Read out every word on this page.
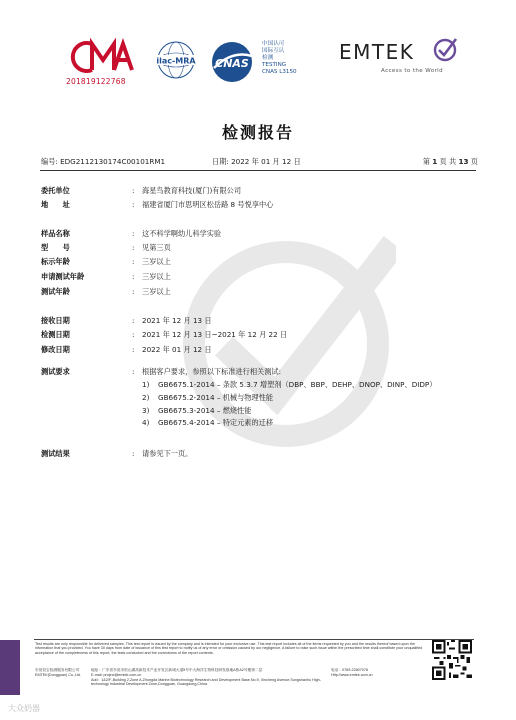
201819122768
ilac-MRA CNAS
中国认可
国际互认
检测
TESTING
CNAS L3150
EMTEK
Access to the World
检测报告
编号: EDG2112130174C00101RM1	日期: 2022 年 01 月 12 日	第 1 页 共 13 页
委托单位	: 海星鸟教育科技(厦门)有限公司
地　　址	: 福建省厦门市思明区松岳路 8 号悦享中心
样品名称	: 这不科学啊幼儿科学实验
型　　号	: 见第三页
标示年龄	: 三岁以上
申请测试年龄	: 三岁以上
测试年龄	: 三岁以上
接收日期	: 2021 年 12 月 13 日
检测日期	: 2021 年 12 月 13 日~2021 年 12 月 22 日
修改日期	: 2022 年 01 月 12 日
测试要求	: 根据客户要求，参照以下标准进行相关测试:
1) GB6675.1-2014 – 条款 5.3.7 增塑剂（DBP、BBP、DEHP、DNOP、DINP、DIDP）
2) GB6675.2-2014 – 机械与物理性能
3) GB6675.3-2014 – 燃烧性能
4) GB6675.4-2014 – 特定元素的迁移
测试结果	: 请参见下一页。
Test results are only responsible for delivered samples. This test report is issued by the company and is intended for your exclusive use. This test report includes all of the items requested by you and the results thereof based upon the information that you provided. You have 30 days from date of issuance of this test report to notify us of any error or omission caused by our negligence. A failure to raise such issue within the prescribed time shall constitute your unqualified acceptance of the completeness of this report, the tests conducted and the correctness of the report contents.
东莞信宝检测服务有限公司
EMTEK(Dongguan) Co.,Ltd.
地址：广东省东莞市松山湖高新技术产业开发区新城大道5号中大海洋生物科技研发基地A栋A2号楼第二层
E-mail: project@emtek.com.cn
Add：1&2/F.,Building 2,Zone A,Zhongda Marine Biotechnology Research and Development Base,No.9, Xincheng Avenue,Songshanhu High-technology Industrial Development Zone,Dongguan, Guangdong,China
电话：0769-22807078
Http://www.emtek.com.cn
大众奶器
